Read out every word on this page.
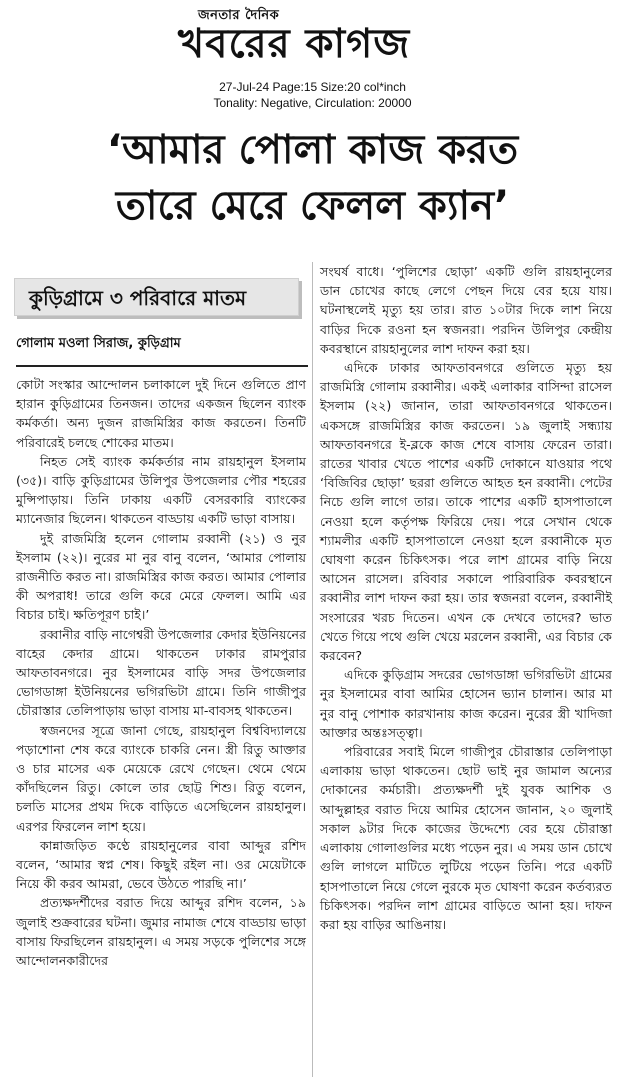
জনতার দৈনিক
খবরের কাগজ
27-Jul-24 Page:15 Size:20 col*inch
Tonality: Negative, Circulation: 20000
‘আমার পোলা কাজ করত
তারে মেরে ফেলল ক্যান’
কুড়িগ্রামে ৩ পরিবারে মাতম
গোলাম মওলা সিরাজ, কুড়িগ্রাম

কোটা সংস্কার আন্দোলন চলাকালে দুই দিনে গুলিতে প্রাণ হারান কুড়িগ্রামের তিনজন। তাদের একজন ছিলেন ব্যাংক কর্মকর্তা। অন্য দুজন রাজমিস্ত্রির কাজ করতেন। তিনটি পরিবারেই চলছে শোকের মাতম।

নিহত সেই ব্যাংক কর্মকর্তার নাম রায়হানুল ইসলাম (৩৫)। বাড়ি কুড়িগ্রামের উলিপুর উপজেলার পৌর শহরের মুন্সিপাড়ায়। তিনি ঢাকায় একটি বেসরকারি ব্যাংকের ম্যানেজার ছিলেন। থাকতেন বাড্ডায় একটি ভাড়া বাসায়।

দুই রাজমিস্ত্রি হলেন গোলাম রব্বানী (২১) ও নুর ইসলাম (২২)। নুরের মা নুর বানু বলেন, ‘আমার পোলায় রাজনীতি করত না। রাজমিস্ত্রির কাজ করত। আমার পোলার কী অপরাধ! তারে গুলি করে মেরে ফেলল। আমি এর বিচার চাই। ক্ষতিপূরণ চাই।’

রব্বানীর বাড়ি নাগেশ্বরী উপজেলার কেদার ইউনিয়নের বাহের কেদার গ্রামে। থাকতেন ঢাকার রামপুরার আফতাবনগরে। নুর ইসলামের বাড়ি সদর উপজেলার ভোগডাঙ্গা ইউনিয়নের ভগিরভিটা গ্রামে। তিনি গাজীপুর চৌরাস্তার তেলিপাড়ায় ভাড়া বাসায় মা-বাবসহ থাকতেন।

স্বজনদের সূত্রে জানা গেছে, রায়হানুল বিশ্ববিদ্যালয়ে পড়াশোনা শেষ করে ব্যাংকে চাকরি নেন। স্ত্রী রিতু আক্তার ও চার মাসের এক মেয়েকে রেখে গেছেন। থেমে থেমে কাঁদছিলেন রিতু। কোলে তার ছোট্ট শিশু। রিতু বলেন, চলতি মাসের প্রথম দিকে বাড়িতে এসেছিলেন রায়হানুল। এরপর ফিরলেন লাশ হয়ে।

কান্নাজড়িত কণ্ঠে রায়হানুলের বাবা আব্দুর রশিদ বলেন, ‘আমার স্বপ্ন শেষ। কিছুই রইল না। ওর মেয়েটাকে নিয়ে কী করব আমরা, ভেবে উঠতে পারছি না।’

প্রত্যক্ষদর্শীদের বরাত দিয়ে আব্দুর রশিদ বলেন, ১৯ জুলাই শুক্রবারের ঘটনা। জুমার নামাজ শেষে বাড্ডায় ভাড়া বাসায় ফিরছিলেন রায়হানুল। এ সময় সড়কে পুলিশের সঙ্গে আন্দোলনকারীদের

সংঘর্ষ বাধে। ‘পুলিশের ছোড়া’ একটি গুলি রায়হানুলের ডান চোখের কাছে লেগে পেছন দিয়ে বের হয়ে যায়। ঘটনাস্থলেই মৃত্যু হয় তার। রাত ১০টার দিকে লাশ নিয়ে বাড়ির দিকে রওনা হন স্বজনরা। পরদিন উলিপুর কেন্দ্রীয় কবরস্থানে রায়হানুলের লাশ দাফন করা হয়।

এদিকে ঢাকার আফতাবনগরে গুলিতে মৃত্যু হয় রাজমিস্ত্রি গোলাম রব্বানীর। একই এলাকার বাসিন্দা রাসেল ইসলাম (২২) জানান, তারা আফতাবনগরে থাকতেন। একসঙ্গে রাজমিস্ত্রির কাজ করতেন। ১৯ জুলাই সন্ধ্যায় আফতাবনগরে ই-ব্লকে কাজ শেষে বাসায় ফেরেন তারা। রাতের খাবার খেতে পাশের একটি দোকানে যাওয়ার পথে ‘বিজিবির ছোড়া’ ছররা গুলিতে আহত হন রব্বানী। পেটের নিচে গুলি লাগে তার। তাকে পাশের একটি হাসপাতালে নেওয়া হলে কর্তৃপক্ষ ফিরিয়ে দেয়। পরে সেখান থেকে শ্যামলীর একটি হাসপাতালে নেওয়া হলে রব্বানীকে মৃত ঘোষণা করেন চিকিৎসক। পরে লাশ গ্রামের বাড়ি নিয়ে আসেন রাসেল। রবিবার সকালে পারিবারিক কবরস্থানে রব্বানীর লাশ দাফন করা হয়। তার স্বজনরা বলেন, রব্বানীই সংসারের খরচ দিতেন। এখন কে দেখবে তাদের? ভাত খেতে গিয়ে পথে গুলি খেয়ে মরলেন রব্বানী, এর বিচার কে করবেন?

এদিকে কুড়িগ্রাম সদরের ভোগডাঙ্গা ভগিরভিটা গ্রামের নুর ইসলামের বাবা আমির হোসেন ভ্যান চালান। আর মা নুর বানু পোশাক কারখানায় কাজ করেন। নুরের স্ত্রী খাদিজা আক্তার অন্তঃসত্ত্বা।

পরিবারের সবাই মিলে গাজীপুর চৌরাস্তার তেলিপাড়া এলাকায় ভাড়া থাকতেন। ছোট ভাই নুর জামাল অন্যের দোকানের কর্মচারী। প্রত্যক্ষদর্শী দুই যুবক আশিক ও আব্দুল্লাহর বরাত দিয়ে আমির হোসেন জানান, ২০ জুলাই সকাল ৯টার দিকে কাজের উদ্দেশ্যে বের হয়ে চৌরাস্তা এলাকায় গোলাগুলির মধ্যে পড়েন নুর। এ সময় ডান চোখে গুলি লাগলে মাটিতে লুটিয়ে পড়েন তিনি। পরে একটি হাসপাতালে নিয়ে গেলে নুরকে মৃত ঘোষণা করেন কর্তব্যরত চিকিৎসক। পরদিন লাশ গ্রামের বাড়িতে আনা হয়। দাফন করা হয় বাড়ির আঙিনায়।
